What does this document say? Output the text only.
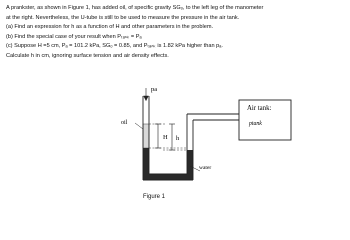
A prankster, as shown in Figure 1, has added oil, of specific gravity SGₒ, to the left leg of the manometer

at the right. Nevertheless, the U-tube is still to be used to measure the pressure in the air tank.

(a) Find an expression for h as a function of H and other parameters in the problem.

(b) Find the special case of your result when Pₜₐₙₖ = Pₐ

(c) Suppose H =5 cm, Pₐ = 101.2 kPa, SGₒ = 0.85, and Pₜₐₙₖ is 1.82 kPa higher than pₐ.

Calculate h in cm, ignoring surface tension and air density effects.

pa
oil
H h
water
Air tank:
ptank
Figure 1
